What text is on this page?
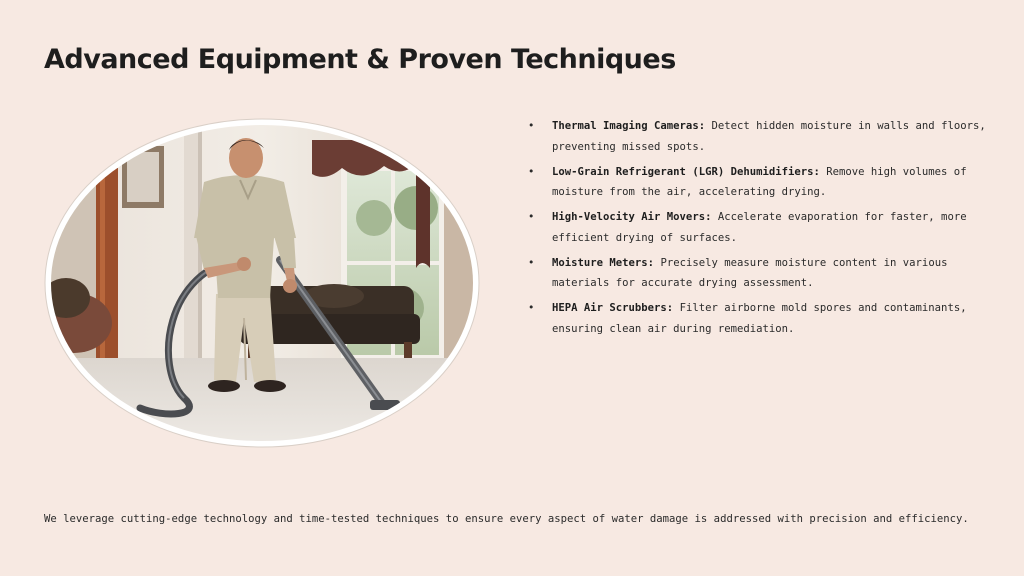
Advanced Equipment & Proven Techniques
• Thermal Imaging Cameras: Detect hidden moisture in walls and floors, preventing missed spots.
• Low-Grain Refrigerant (LGR) Dehumidifiers: Remove high volumes of moisture from the air, accelerating drying.
• High-Velocity Air Movers: Accelerate evaporation for faster, more efficient drying of surfaces.
• Moisture Meters: Precisely measure moisture content in various materials for accurate drying assessment.
• HEPA Air Scrubbers: Filter airborne mold spores and contaminants, ensuring clean air during remediation.

We leverage cutting-edge technology and time-tested techniques to ensure every aspect of water damage is addressed with precision and efficiency.
